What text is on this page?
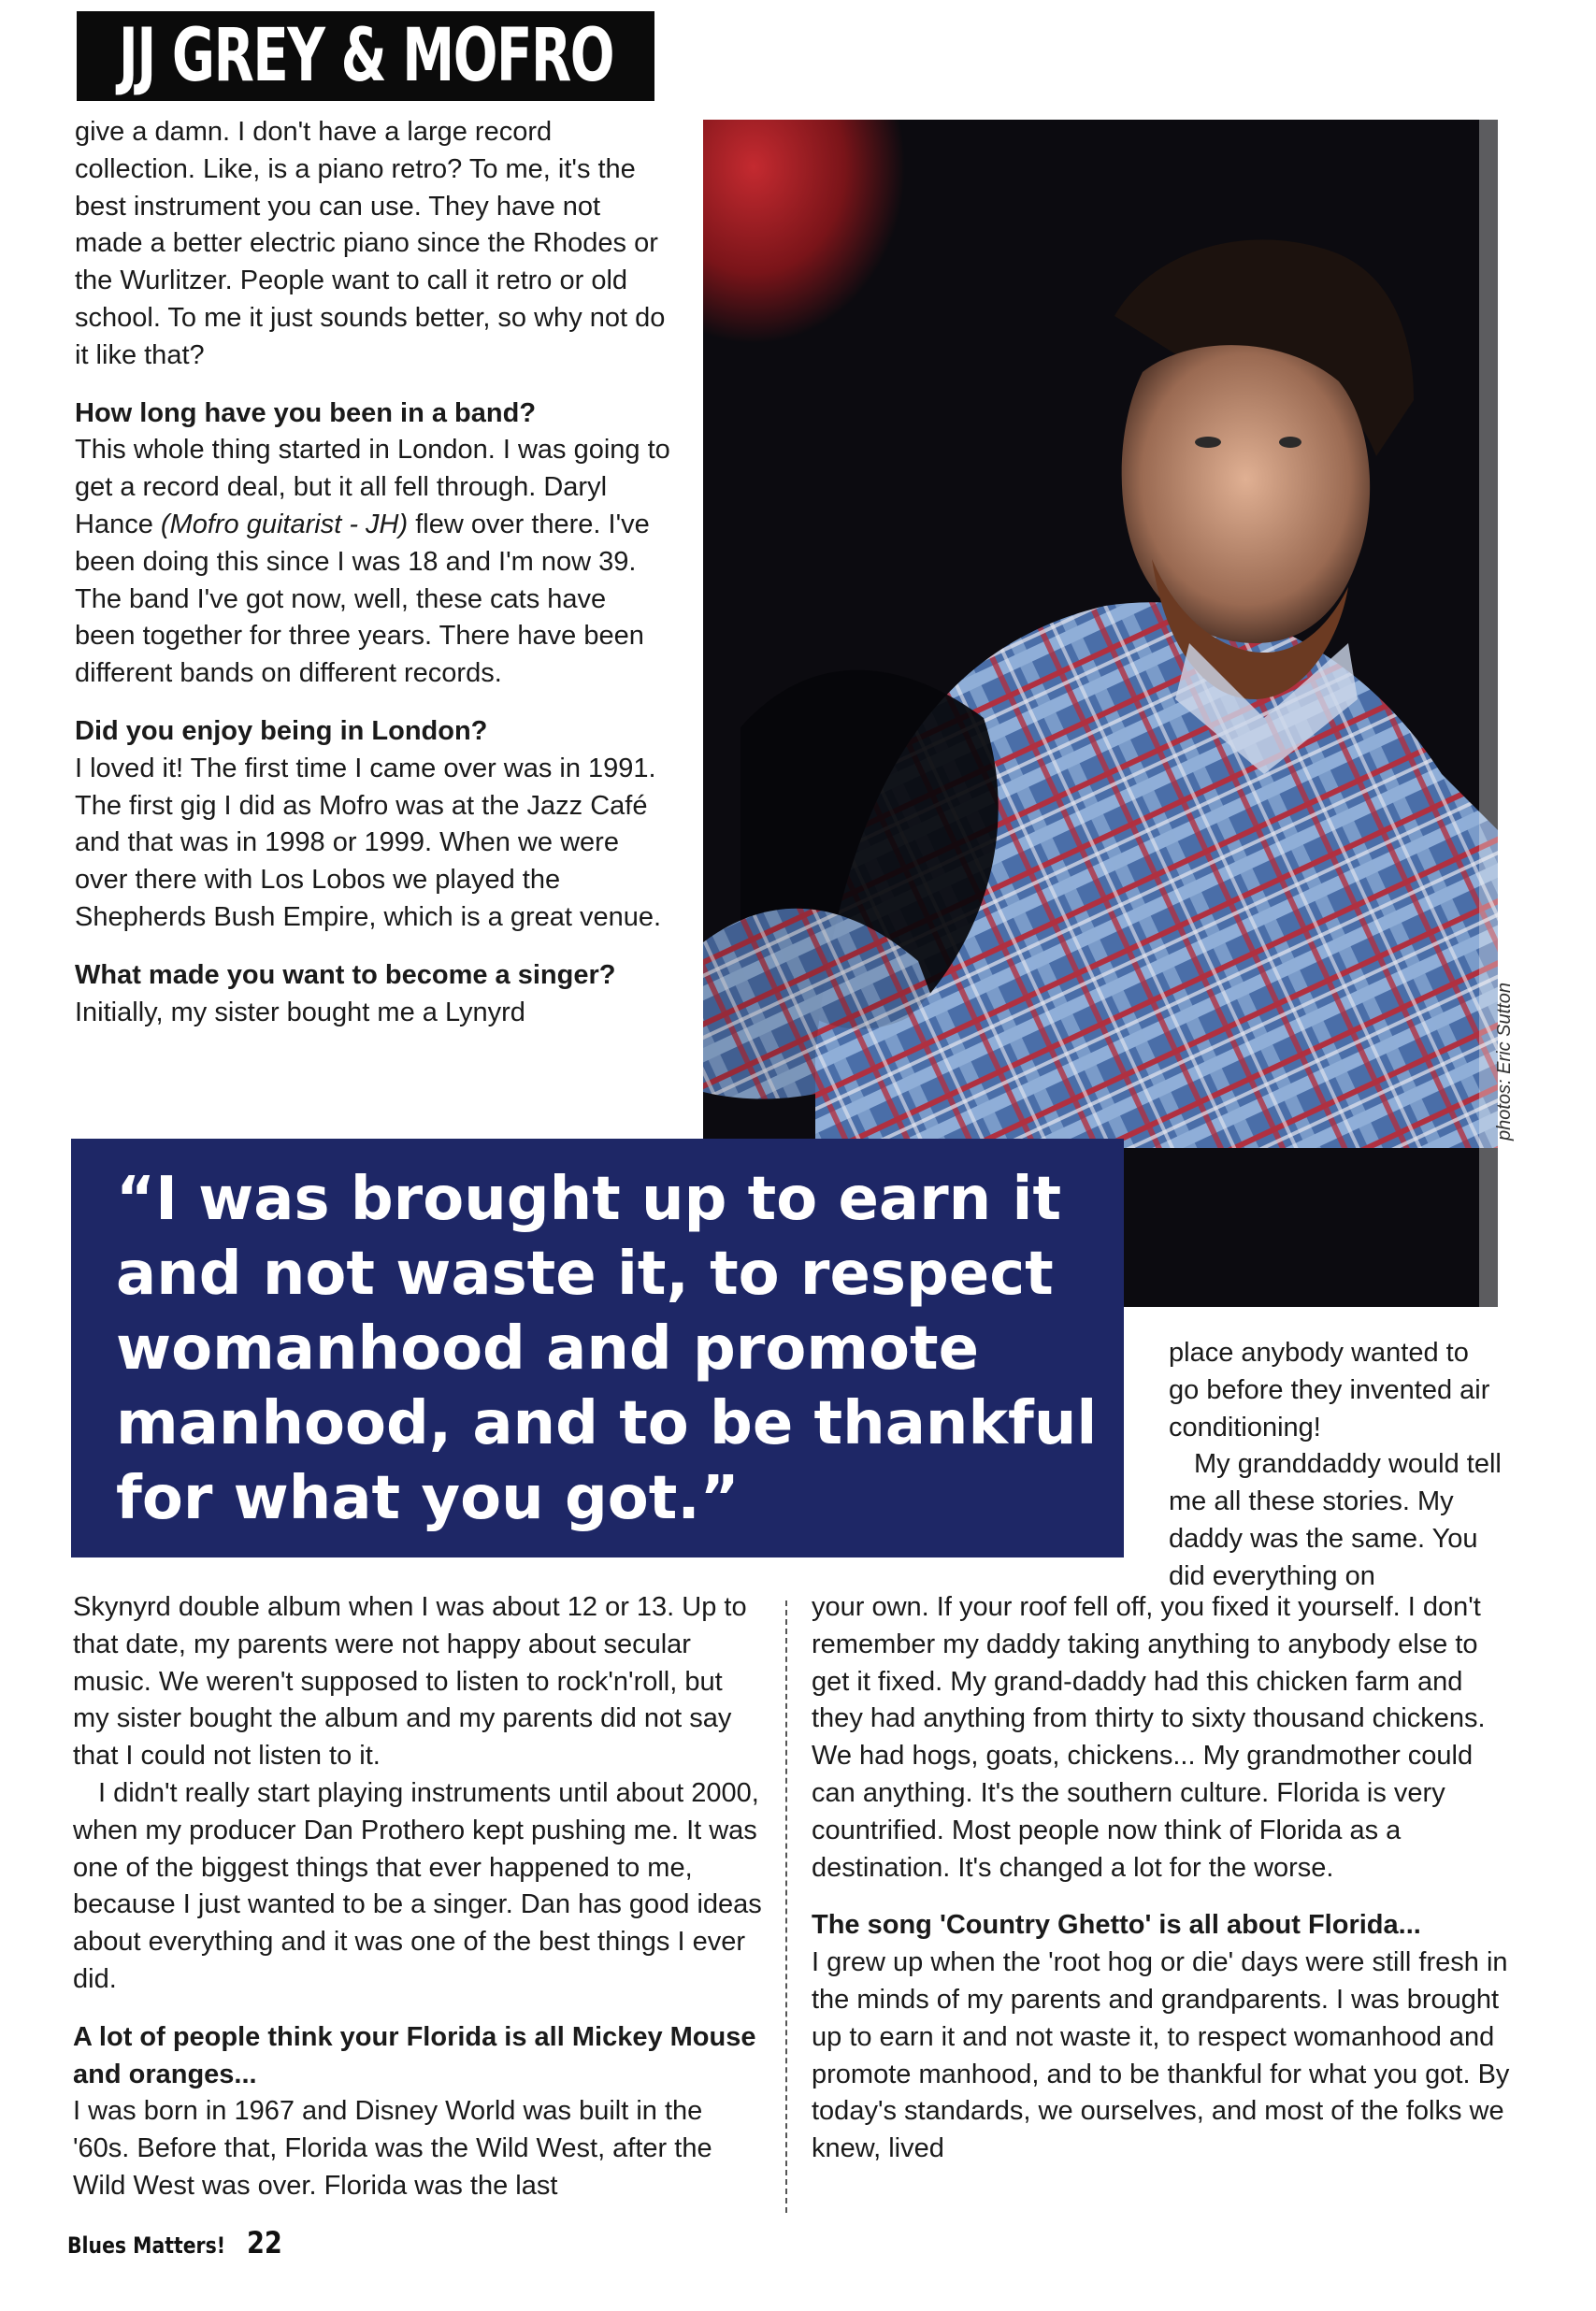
JJ GREY & MOFRO

give a damn. I don't have a large record collection. Like, is a piano retro? To me, it's the best instrument you can use. They have not made a better electric piano since the Rhodes or the Wurlitzer. People want to call it retro or old school. To me it just sounds better, so why not do it like that?

How long have you been in a band?

This whole thing started in London. I was going to get a record deal, but it all fell through. Daryl Hance (Mofro guitarist - JH) flew over there. I've been doing this since I was 18 and I'm now 39. The band I've got now, well, these cats have been together for three years. There have been different bands on different records.

Did you enjoy being in London?

I loved it! The first time I came over was in 1991. The first gig I did as Mofro was at the Jazz Café and that was in 1998 or 1999. When we were over there with Los Lobos we played the Shepherds Bush Empire, which is a great venue.

What made you want to become a singer?

Initially, my sister bought me a Lynyrd	photos: Eric Sutton
“I was brought up to earn it and not waste it, to respect womanhood and promote manhood, and to be thankful for what you got.”

place anybody wanted to go before they invented air conditioning!

My granddaddy would tell me all these stories. My daddy was the same. You did everything on

Skynyrd double album when I was about 12 or 13. Up to that date, my parents were not happy about secular music. We weren't supposed to listen to rock'n'roll, but my sister bought the album and my parents did not say that I could not listen to it.

I didn't really start playing instruments until about 2000, when my producer Dan Prothero kept pushing me. It was one of the biggest things that ever happened to me, because I just wanted to be a singer. Dan has good ideas about everything and it was one of the best things I ever did.

A lot of people think your Florida is all Mickey Mouse and oranges...

I was born in 1967 and Disney World was built in the '60s. Before that, Florida was the Wild West, after the Wild West was over. Florida was the last

your own. If your roof fell off, you fixed it yourself. I don't remember my daddy taking anything to anybody else to get it fixed. My grand-daddy had this chicken farm and they had anything from thirty to sixty thousand chickens. We had hogs, goats, chickens... My grandmother could can anything. It's the southern culture. Florida is very countrified. Most people now think of Florida as a destination. It's changed a lot for the worse.

The song 'Country Ghetto' is all about Florida...

I grew up when the 'root hog or die' days were still fresh in the minds of my parents and grandparents. I was brought up to earn it and not waste it, to respect womanhood and promote manhood, and to be thankful for what you got. By today's standards, we ourselves, and most of the folks we knew, lived

Blues Matters! 22
